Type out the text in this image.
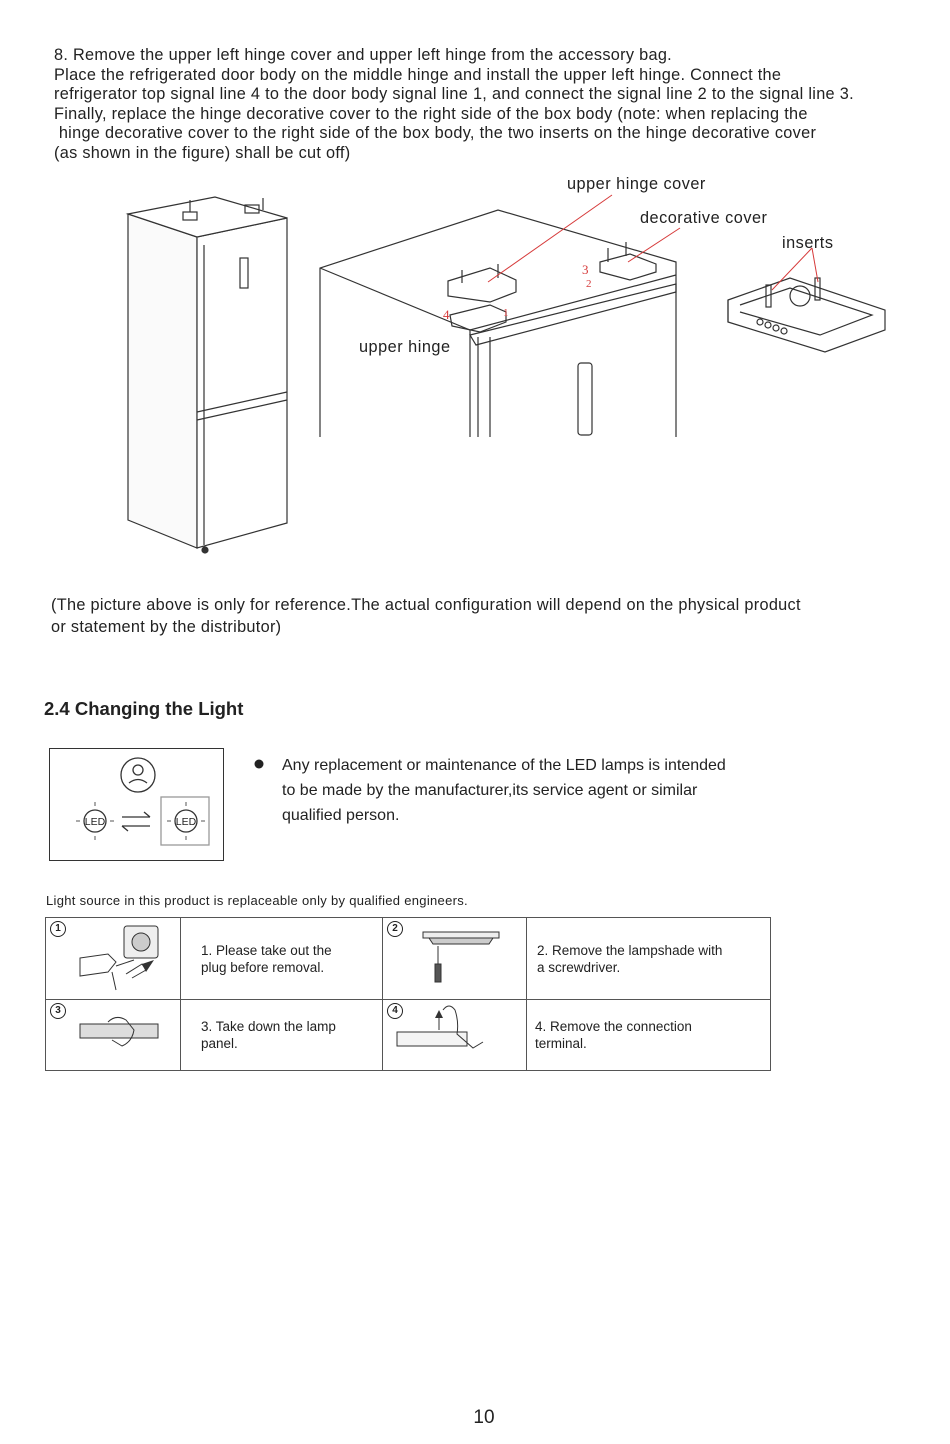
8. Remove the upper left hinge cover and upper left hinge from the accessory bag.
Place the refrigerated door body on the middle hinge and install the upper left hinge. Connect the
refrigerator top signal line 4 to the door body signal line 1, and connect the signal line 2 to the signal line 3.
Finally, replace the hinge decorative cover to the right side of the box body (note: when replacing the
hinge decorative cover to the right side of the box body, the two inserts on the hinge decorative cover
(as shown in the figure) shall be cut off)
3
2
4	1
upper hinge cover
decorative cover
inserts
upper hinge
(The picture above is only for reference.The actual configuration will depend on the physical product
or statement by the distributor)
2.4 Changing the Light
LED	LED
Any replacement or maintenance of the LED lamps is intended
to be made by the manufacturer,its service agent or similar
qualified person.
Light source in this product is replaceable only by qualified engineers.
1	1. Please take out the
plug before removal.	2	2. Remove the lampshade with
a screwdriver.

3	3. Take down the lamp
panel.	4	4. Remove the connection
terminal.
10
